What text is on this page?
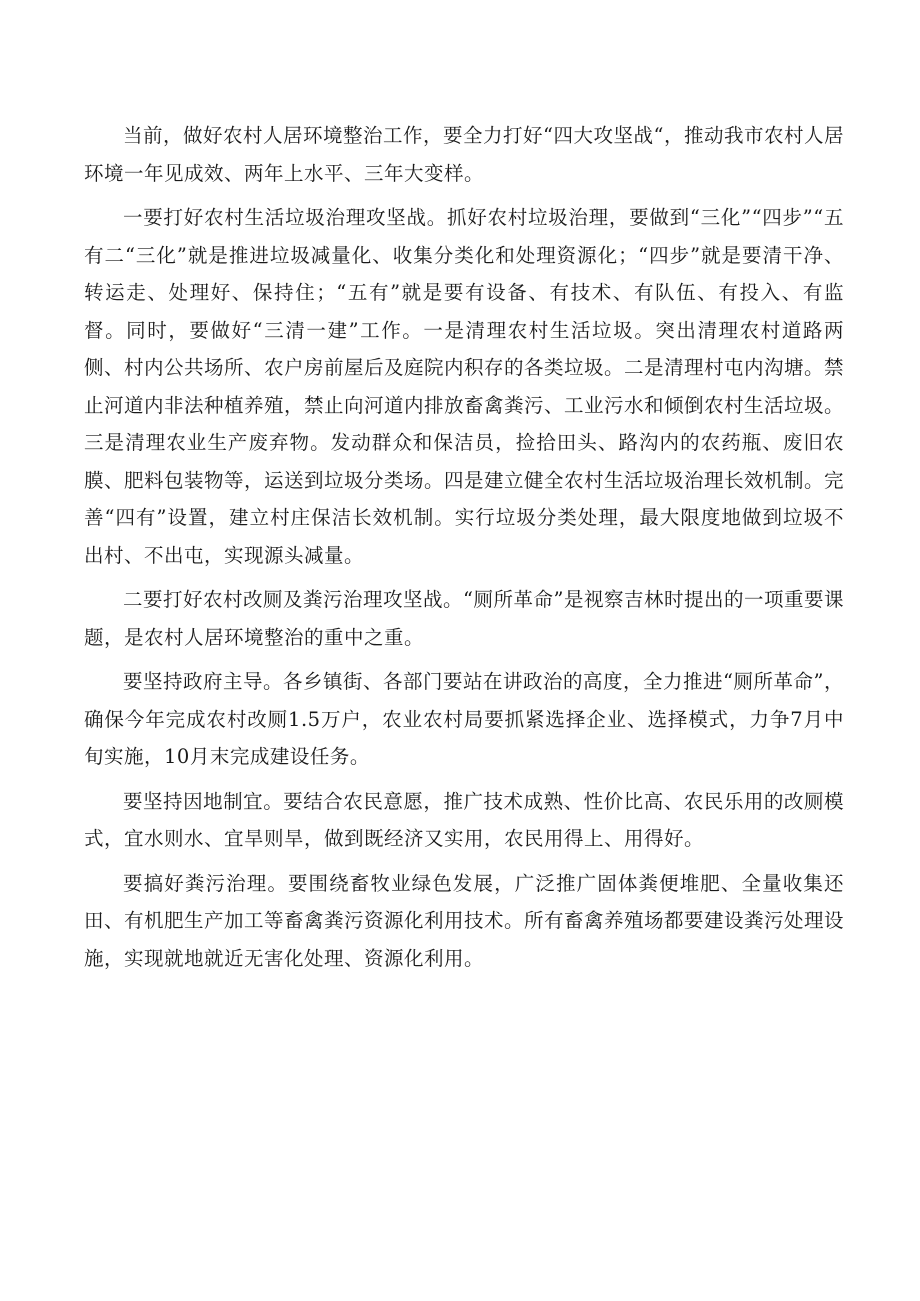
当前，做好农村人居环境整治工作，要全力打好“四大攻坚战“，推动我市农村人居环境一年见成效、两年上水平、三年大变样。

一要打好农村生活垃圾治理攻坚战。抓好农村垃圾治理，要做到“三化”“四步”“五有二“三化”就是推进垃圾减量化、收集分类化和处理资源化；“四步”就是要清干净、转运走、处理好、保持住；“五有”就是要有设备、有技术、有队伍、有投入、有监督。同时，要做好“三清一建”工作。一是清理农村生活垃圾。突出清理农村道路两侧、村内公共场所、农户房前屋后及庭院内积存的各类垃圾。二是清理村屯内沟塘。禁止河道内非法种植养殖，禁止向河道内排放畜禽粪污、工业污水和倾倒农村生活垃圾。三是清理农业生产废弃物。发动群众和保洁员，捡拾田头、路沟内的农药瓶、废旧农膜、肥料包装物等，运送到垃圾分类场。四是建立健全农村生活垃圾治理长效机制。完善“四有”设置，建立村庄保洁长效机制。实行垃圾分类处理，最大限度地做到垃圾不出村、不出屯，实现源头减量。

二要打好农村改厕及粪污治理攻坚战。“厕所革命”是视察吉林时提出的一项重要课题，是农村人居环境整治的重中之重。

要坚持政府主导。各乡镇街、各部门要站在讲政治的高度，全力推进“厕所革命”，确保今年完成农村改厕1.5万户，农业农村局要抓紧选择企业、选择模式，力争7月中旬实施，10月末完成建设任务。

要坚持因地制宜。要结合农民意愿，推广技术成熟、性价比高、农民乐用的改厕模式，宜水则水、宜旱则旱，做到既经济又实用，农民用得上、用得好。

要搞好粪污治理。要围绕畜牧业绿色发展，广泛推广固体粪便堆肥、全量收集还田、有机肥生产加工等畜禽粪污资源化利用技术。所有畜禽养殖场都要建设粪污处理设施，实现就地就近无害化处理、资源化利用。
